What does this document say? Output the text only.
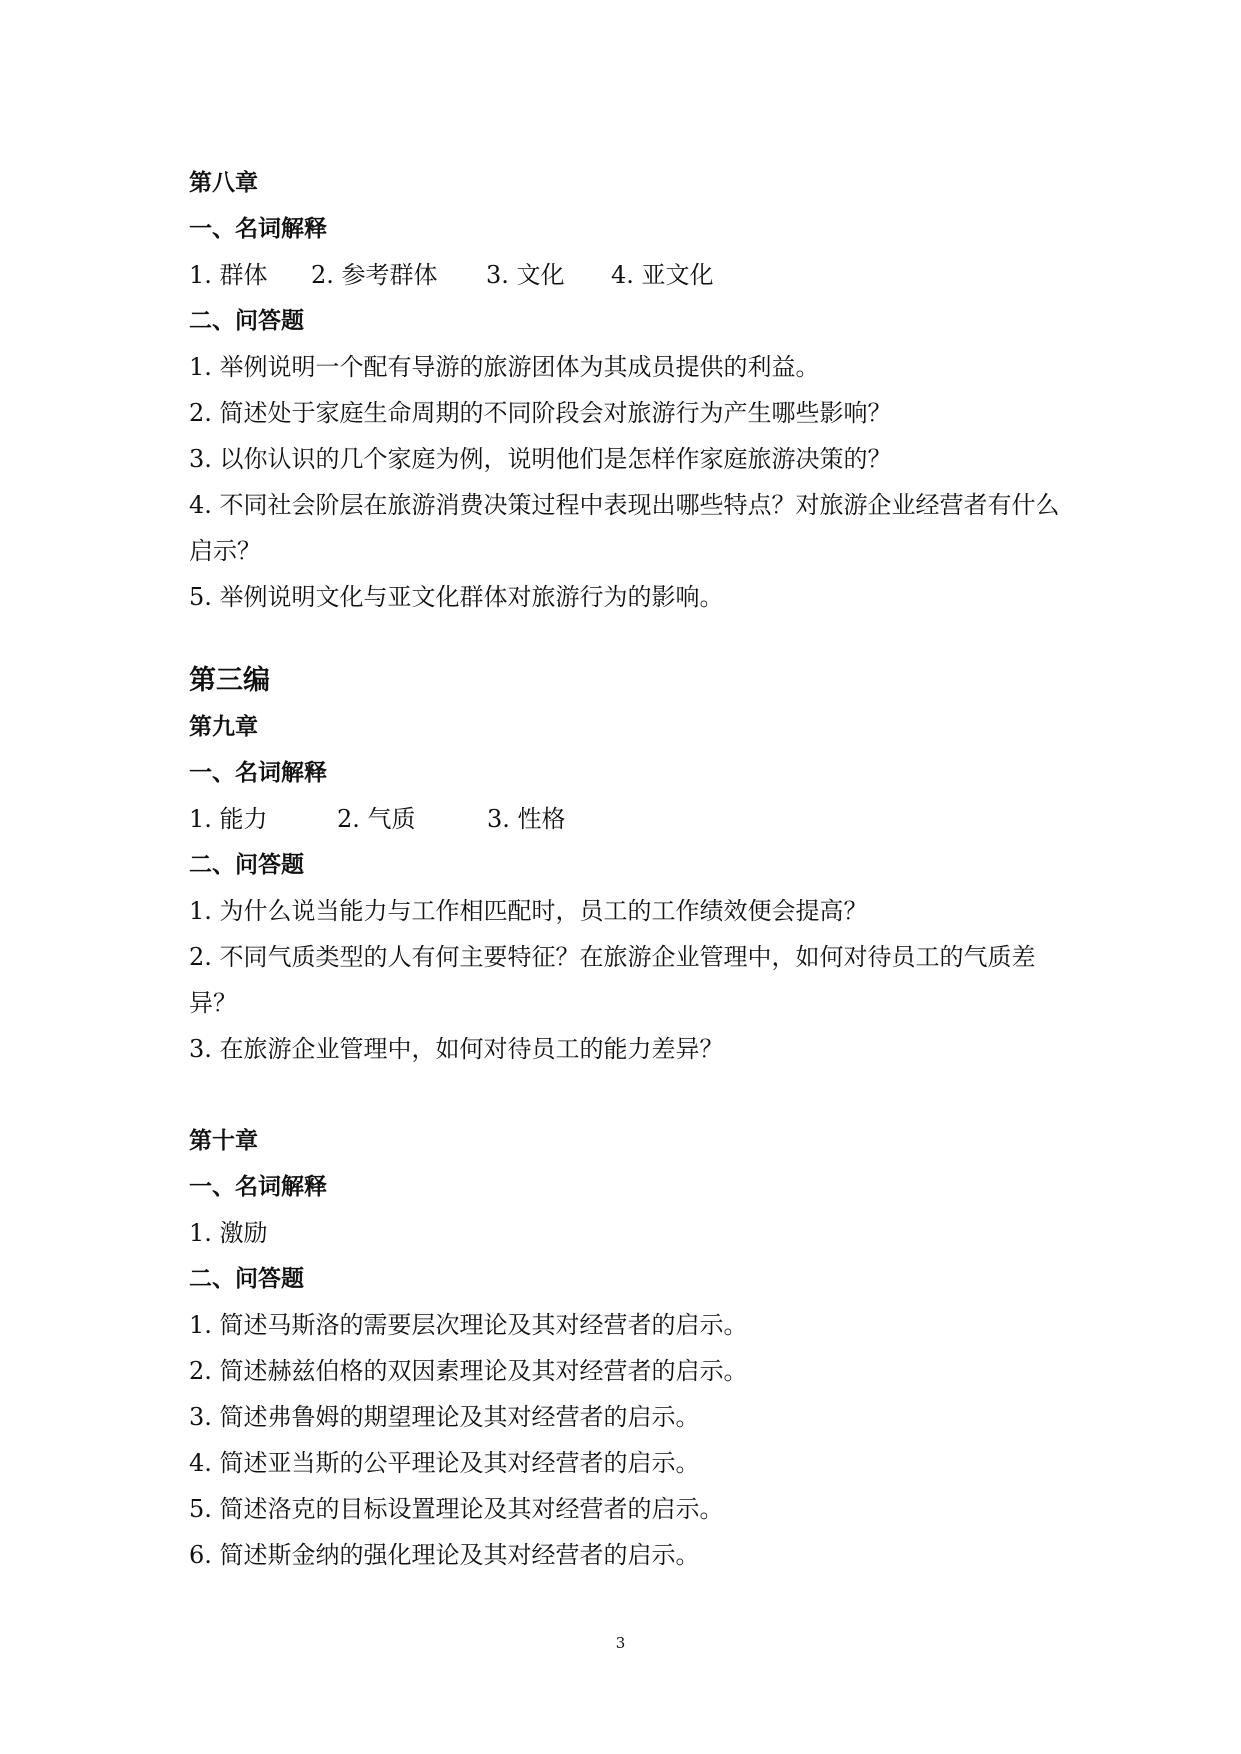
第八章
一、名词解释
1. 群体 2. 参考群体 3. 文化 4. 亚文化
二、问答题
1. 举例说明一个配有导游的旅游团体为其成员提供的利益。
2. 简述处于家庭生命周期的不同阶段会对旅游行为产生哪些影响？
3. 以你认识的几个家庭为例，说明他们是怎样作家庭旅游决策的？
4. 不同社会阶层在旅游消费决策过程中表现出哪些特点？对旅游企业经营者有什么启示？
5. 举例说明文化与亚文化群体对旅游行为的影响。
第三编
第九章
一、名词解释
1. 能力	2. 气质	3. 性格
二、问答题
1. 为什么说当能力与工作相匹配时，员工的工作绩效便会提高？
2. 不同气质类型的人有何主要特征？在旅游企业管理中，如何对待员工的气质差异？
3. 在旅游企业管理中，如何对待员工的能力差异？
第十章
一、名词解释
1. 激励
二、问答题
1. 简述马斯洛的需要层次理论及其对经营者的启示。
2. 简述赫兹伯格的双因素理论及其对经营者的启示。
3. 简述弗鲁姆的期望理论及其对经营者的启示。
4. 简述亚当斯的公平理论及其对经营者的启示。
5. 简述洛克的目标设置理论及其对经营者的启示。
6. 简述斯金纳的强化理论及其对经营者的启示。
3
